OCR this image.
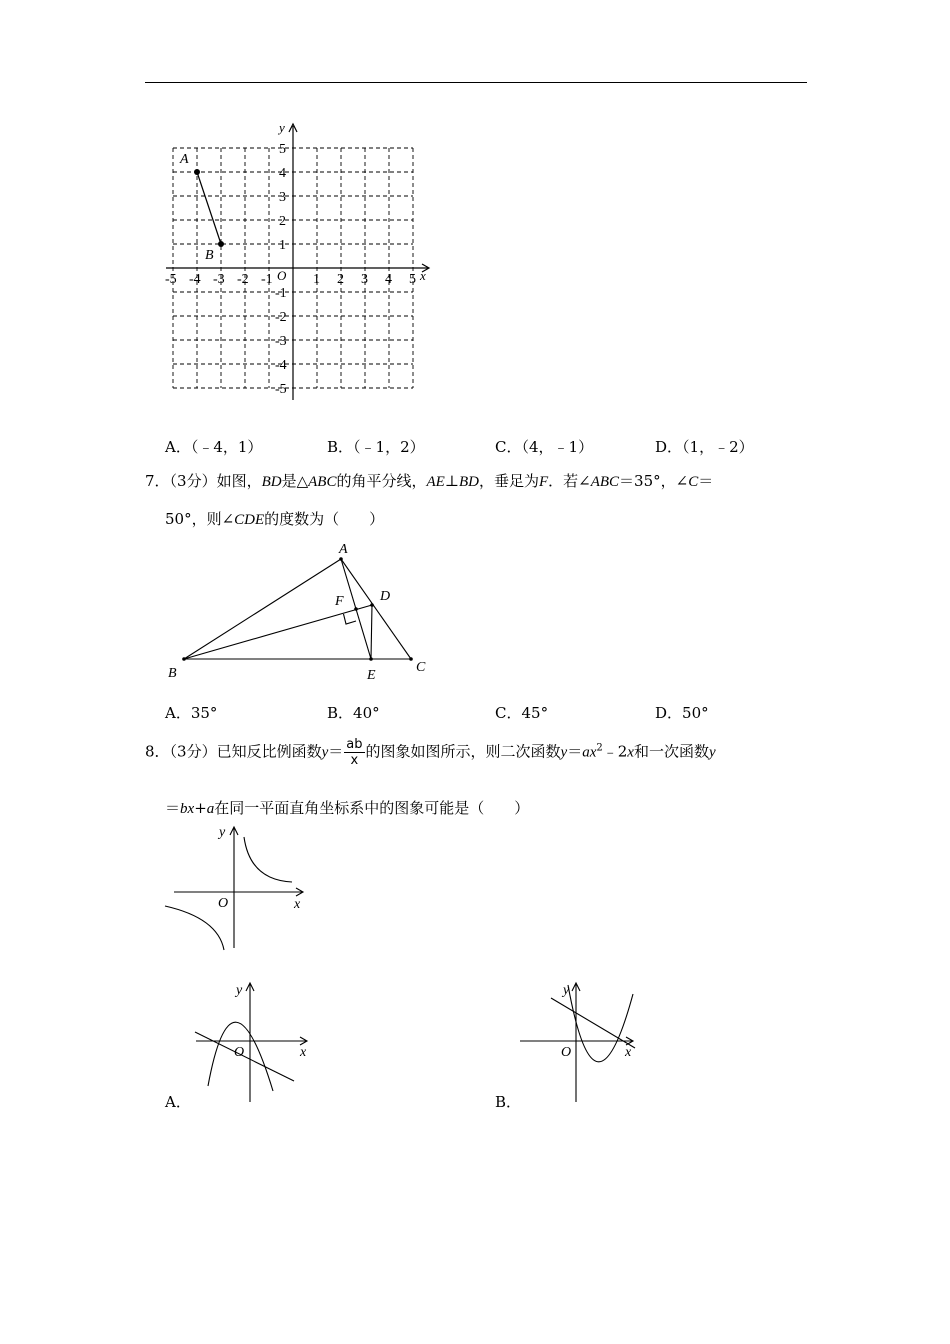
-5 -4 -3 -2 -1	1 2 3 4 5
5
4
3
2
1
-1
-2
-3
-4
-5
x
y
O
A
B
A．（﹣4，1）	B．（﹣1，2）	C．（4，﹣1）	D．（1，﹣2）
7．（3分）如图，BD是△ABC的角平分线，AE⊥BD，垂足为F．若∠ABC＝35°，∠C＝
50°，则∠CDE的度数为（　　）
A
B	C
D
E
F
A．35°	B．40°	C．45°	D．50°
8．（3分）已知反比例函数$y= \frac{ab}{x}$ 的图象如图所示，则二次函数$y=ax^2﹣2x$和一次函数y
＝bx+a在同一平面直角坐标系中的图象可能是（　　）
x
y
O
x
y
O
A．
x
y
O
B．
